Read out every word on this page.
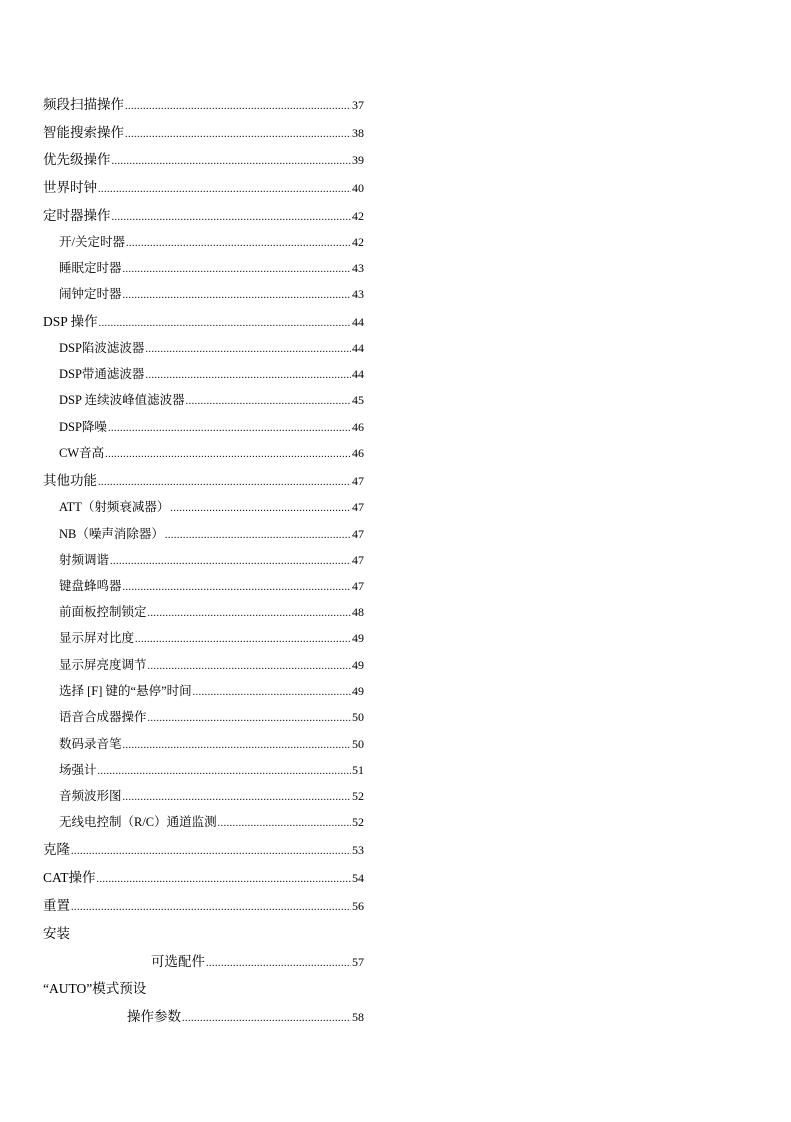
频段扫描操作 .....	37
智能搜索操作 .....	38
优先级操作 .....	39
世界时钟 .....	40
定时器操作 .....	42
开/关定时器 .....	42
睡眠定时器 .....	43
闹钟定时器 .....	43
DSP 操作 .....	44
DSP陷波滤波器 .....	44
DSP带通滤波器 .....	44
DSP 连续波峰值滤波器 .....	45
DSP降噪 .....	46
CW音高 .....	46
其他功能 .....	47
ATT（射频衰减器） .....	47
NB（噪声消除器） .....	47
射频调谐 .....	47
键盘蜂鸣器 .....	47
前面板控制锁定 .....	48
显示屏对比度 .....	49
显示屏亮度调节 .....	49
选择 [F] 键的“悬停”时间 .....	49
语音合成器操作 .....	50
数码录音笔 .....	50
场强计 .....	51
音频波形图 .....	52
无线电控制（R/C）通道监测 .....	52
克隆 .....	53
CAT操作 .....	54
重置 .....	56
安装
可选配件 .....	57
“AUTO”模式预设
操作参数 .....	58
